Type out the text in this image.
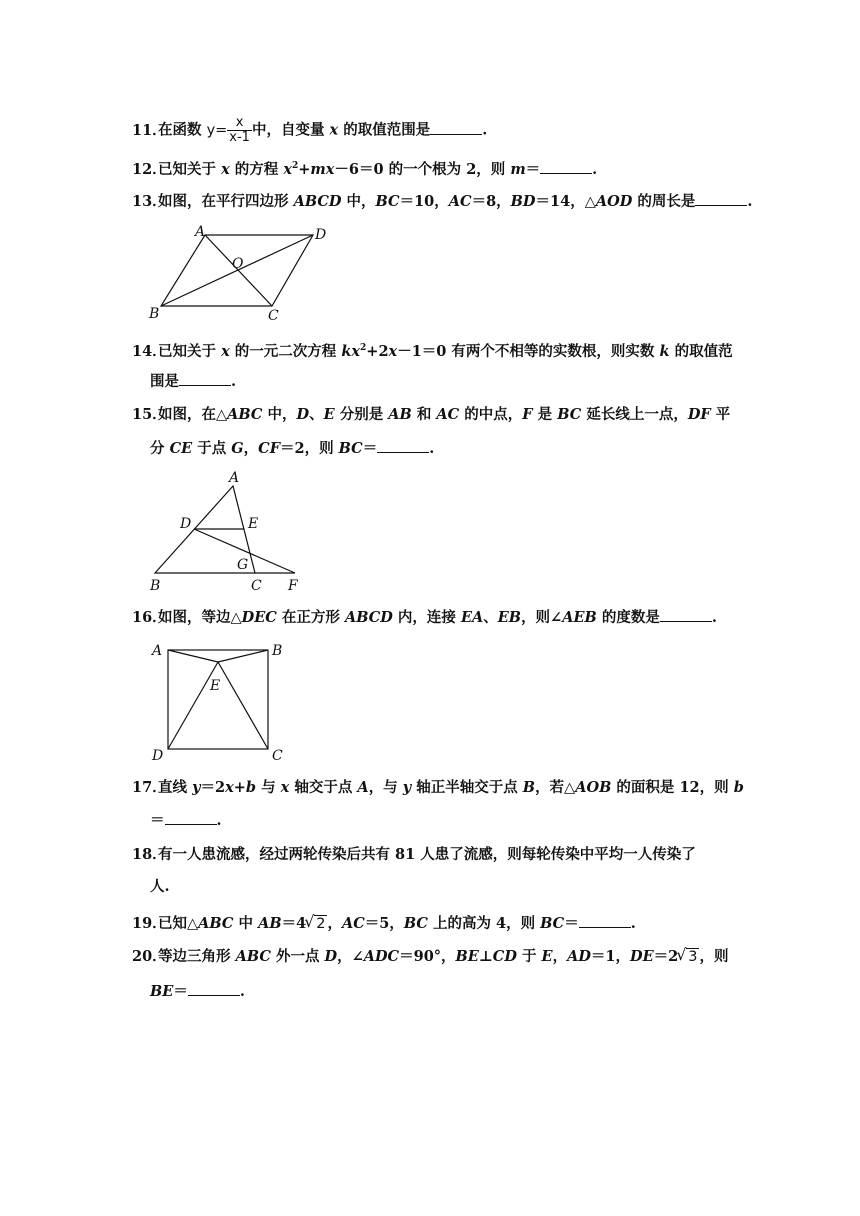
11．在函数 $y= \frac{x}{x-1}$ 中，自变量 x 的取值范围是	.
12．已知关于 x 的方程 $x^2+mx-6=0$ 的一个根为 2，则 m＝	.
13．如图，在平行四边形 ABCD 中，BC＝10，AC＝8，BD＝14，△AOD 的周长是	.
A	D
O
B	C
14．已知关于 x 的一元二次方程 $kx^2+2x-1=0$ 有两个不相等的实数根，则实数 k 的取值范
围是	.
15．如图，在△ABC 中，D、E 分别是 AB 和 AC 的中点，F 是 BC 延长线上一点，DF 平
分 CE 于点 G，CF＝2，则 BC＝	.
A
D	E
G
B	C F
16．如图，等边△DEC 在正方形 ABCD 内，连接 EA、EB，则∠AEB 的度数是	.
A	B
E
D	C
17．直线 y＝2x+b 与 x 轴交于点 A，与 y 轴正半轴交于点 B，若△AOB 的面积是 12，则 b
＝	.
18．有一人患流感，经过两轮传染后共有 81 人患了流感，则每轮传染中平均一人传染了
人.
19．已知△ABC 中 AB＝4 √ 2 ，AC＝5，BC 上的高为 4，则 BC＝	.
20．等边三角形 ABC 外一点 D，∠ADC＝90°，BE⊥CD 于 E，AD＝1，DE＝2 √ 3 ，则
BE＝	.
